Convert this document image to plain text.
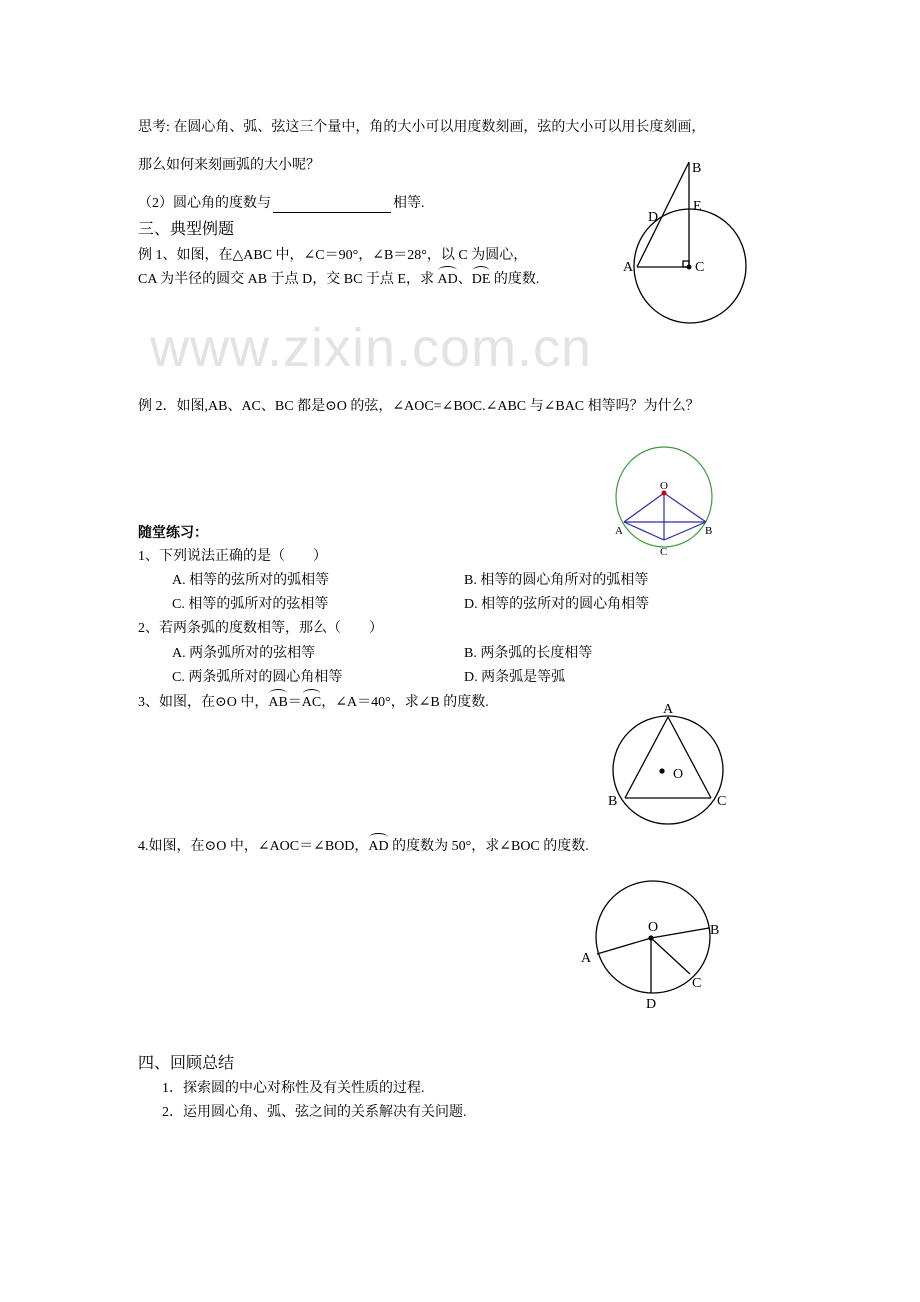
www.zixin.com.cn
思考: 在圆心角、弧、弦这三个量中，角的大小可以用度数刻画，弦的大小可以用长度刻画，
那么如何来刻画弧的大小呢？
（2）圆心角的度数与	相等.
三、典型例题
例 1、如图，在△ABC 中，∠C＝90°，∠B＝28°，以 C 为圆心，
CA 为半径的圆交 AB 于点 D，交 BC 于点 E，求 AD、DE 的度数.
例 2．如图,AB、AC、BC 都是⊙O 的弦，∠AOC=∠BOC.∠ABC 与∠BAC 相等吗？为什么？
随堂练习：
1、下列说法正确的是（　　）
A. 相等的弦所对的弧相等	B. 相等的圆心角所对的弧相等
C. 相等的弧所对的弦相等	D. 相等的弦所对的圆心角相等
2、若两条弧的度数相等，那么（　　）
A. 两条弧所对的弦相等	B. 两条弧的长度相等
C. 两条弧所对的圆心角相等	D. 两条弧是等弧
3、如图，在⊙O 中，AB＝AC，∠A＝40°，求∠B 的度数.
4.如图，在⊙O 中，∠AOC＝∠BOD，AD 的度数为 50°，求∠BOC 的度数.
四、回顾总结
1．探索圆的中心对称性及有关性质的过程.
2．运用圆心角、弧、弦之间的关系解决有关问题.
B
E
D
A	C
O
A	B
C
A
O
B	C
O	B
A
C
D
